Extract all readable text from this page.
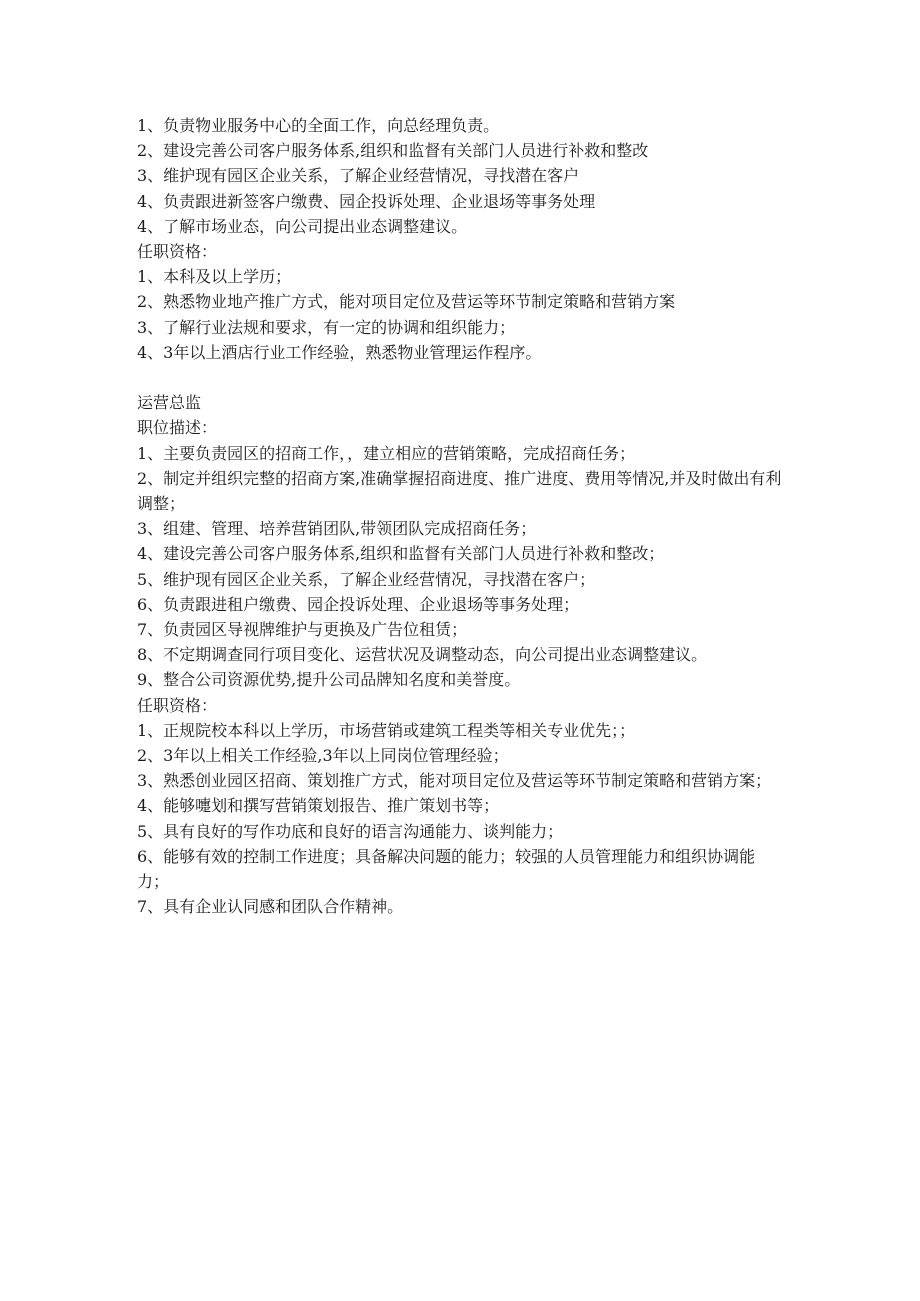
1、负责物业服务中心的全面工作，向总经理负责。
2、建设完善公司客户服务体系,组织和监督有关部门人员进行补救和整改
3、维护现有园区企业关系，了解企业经营情况，寻找潜在客户
4、负责跟进新签客户缴费、园企投诉处理、企业退场等事务处理
4、了解市场业态，向公司提出业态调整建议。
任职资格：
1、本科及以上学历；
2、熟悉物业地产推广方式，能对项目定位及营运等环节制定策略和营销方案
3、了解行业法规和要求，有一定的协调和组织能力；
4、3年以上酒店行业工作经验，熟悉物业管理运作程序。
运营总监
职位描述：
1、主要负责园区的招商工作，，建立相应的营销策略，完成招商任务；
2、制定并组织完整的招商方案,准确掌握招商进度、推广进度、费用等情况,并及时做出有利调整；
3、组建、管理、培养营销团队,带领团队完成招商任务；
4、建设完善公司客户服务体系,组织和监督有关部门人员进行补救和整改；
5、维护现有园区企业关系，了解企业经营情况，寻找潜在客户；
6、负责跟进租户缴费、园企投诉处理、企业退场等事务处理；
7、负责园区导视牌维护与更换及广告位租赁；
8、不定期调查同行项目变化、运营状况及调整动态，向公司提出业态调整建议。
9、整合公司资源优势,提升公司品牌知名度和美誉度。
任职资格：
1、正规院校本科以上学历，市场营销或建筑工程类等相关专业优先；；
2、3年以上相关工作经验,3年以上同岗位管理经验；
3、熟悉创业园区招商、策划推广方式，能对项目定位及营运等环节制定策略和营销方案；
4、能够嚏划和撰写营销策划报告、推广策划书等；
5、具有良好的写作功底和良好的语言沟通能力、谈判能力；
6、能够有效的控制工作进度；具备解决问题的能力；较强的人员管理能力和组织协调能力；
7、具有企业认同感和团队合作精神。
